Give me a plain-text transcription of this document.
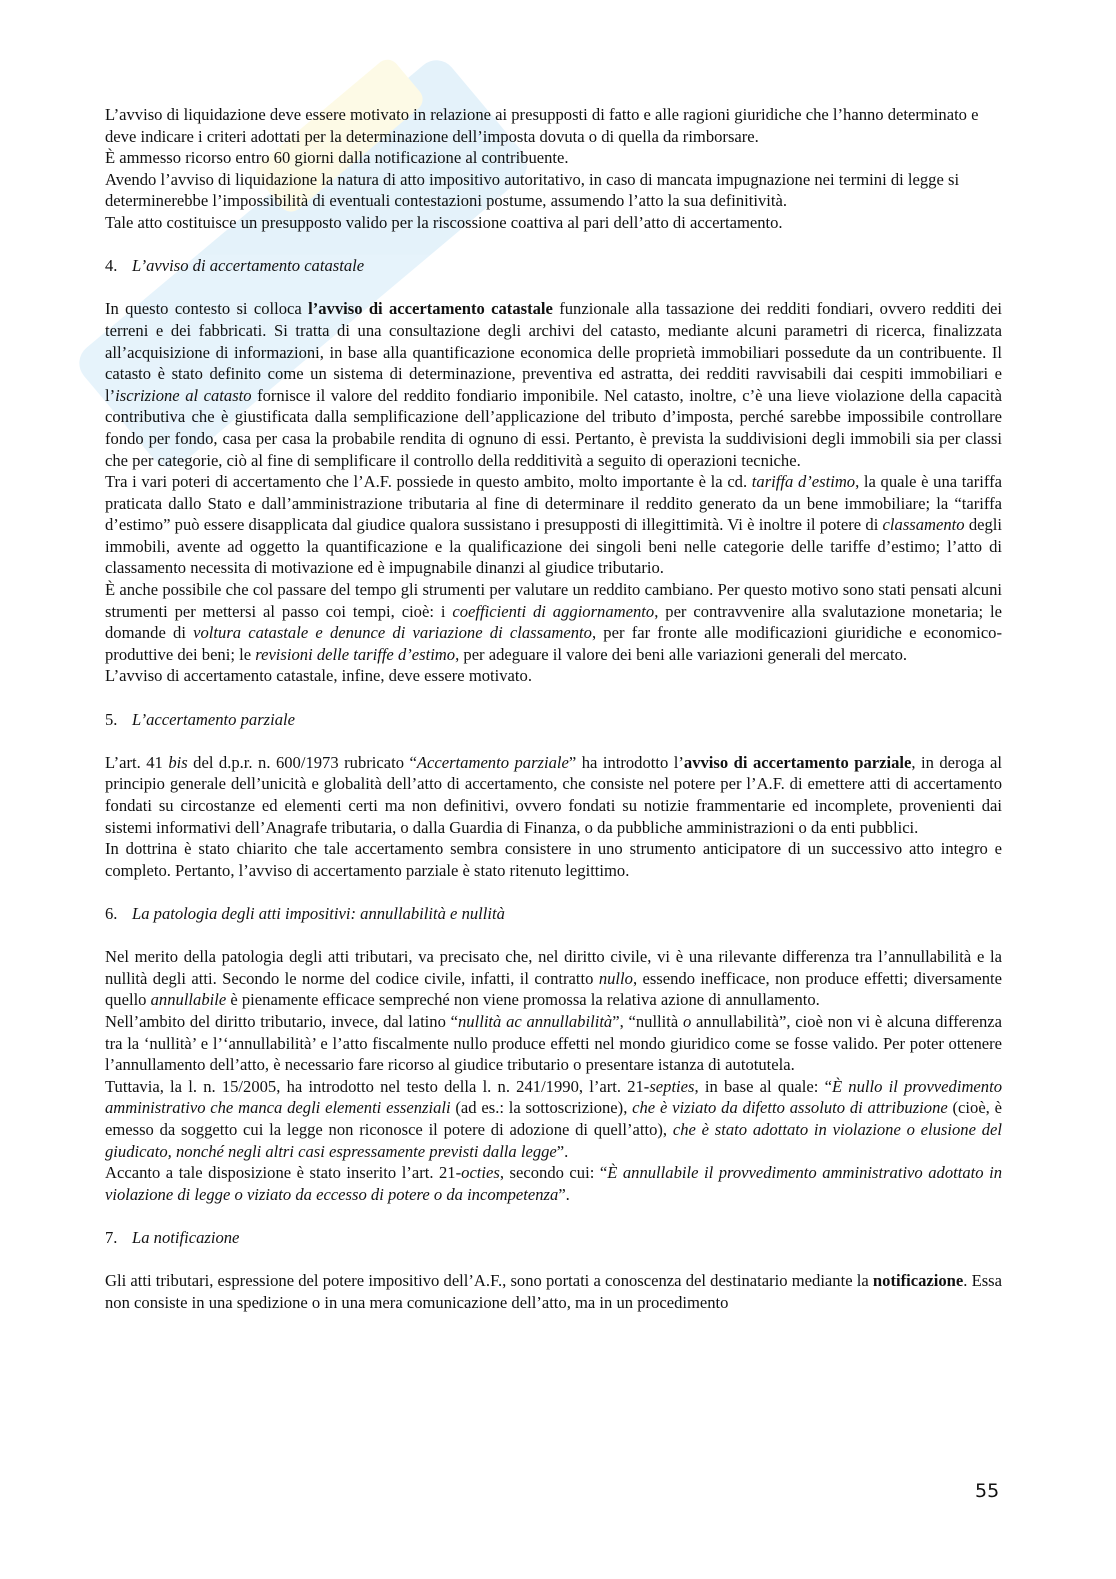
L’avviso di liquidazione deve essere motivato in relazione ai presupposti di fatto e alle ragioni giuridiche che l’hanno determinato e deve indicare i criteri adottati per la determinazione dell’imposta dovuta o di quella da rimborsare.

È ammesso ricorso entro 60 giorni dalla notificazione al contribuente.

Avendo l’avviso di liquidazione la natura di atto impositivo autoritativo, in caso di mancata impugnazione nei termini di legge si determinerebbe l’impossibilità di eventuali contestazioni postume, assumendo l’atto la sua definitività.

Tale atto costituisce un presupposto valido per la riscossione coattiva al pari dell’atto di accertamento.

4. L’avviso di accertamento catastale

In questo contesto si colloca l’avviso di accertamento catastale funzionale alla tassazione dei redditi fondiari, ovvero redditi dei terreni e dei fabbricati. Si tratta di una consultazione degli archivi del catasto, mediante alcuni parametri di ricerca, finalizzata all’acquisizione di informazioni, in base alla quantificazione economica delle proprietà immobiliari possedute da un contribuente. Il catasto è stato definito come un sistema di determinazione, preventiva ed astratta, dei redditi ravvisabili dai cespiti immobiliari e l’iscrizione al catasto fornisce il valore del reddito fondiario imponibile. Nel catasto, inoltre, c’è una lieve violazione della capacità contributiva che è giustificata dalla semplificazione dell’applicazione del tributo d’imposta, perché sarebbe impossibile controllare fondo per fondo, casa per casa la probabile rendita di ognuno di essi. Pertanto, è prevista la suddivisioni degli immobili sia per classi che per categorie, ciò al fine di semplificare il controllo della redditività a seguito di operazioni tecniche.

Tra i vari poteri di accertamento che l’A.F. possiede in questo ambito, molto importante è la cd. tariffa d’estimo, la quale è una tariffa praticata dallo Stato e dall’amministrazione tributaria al fine di determinare il reddito generato da un bene immobiliare; la “tariffa d’estimo” può essere disapplicata dal giudice qualora sussistano i presupposti di illegittimità. Vi è inoltre il potere di classamento degli immobili, avente ad oggetto la quantificazione e la qualificazione dei singoli beni nelle categorie delle tariffe d’estimo; l’atto di classamento necessita di motivazione ed è impugnabile dinanzi al giudice tributario.

È anche possibile che col passare del tempo gli strumenti per valutare un reddito cambiano. Per questo motivo sono stati pensati alcuni strumenti per mettersi al passo coi tempi, cioè: i coefficienti di aggiornamento, per contravvenire alla svalutazione monetaria; le domande di voltura catastale e denunce di variazione di classamento, per far fronte alle modificazioni giuridiche e economico-produttive dei beni; le revisioni delle tariffe d’estimo, per adeguare il valore dei beni alle variazioni generali del mercato.

L’avviso di accertamento catastale, infine, deve essere motivato.

5. L’accertamento parziale

L’art. 41 bis del d.p.r. n. 600/1973 rubricato “Accertamento parziale” ha introdotto l’avviso di accertamento parziale, in deroga al principio generale dell’unicità e globalità dell’atto di accertamento, che consiste nel potere per l’A.F. di emettere atti di accertamento fondati su circostanze ed elementi certi ma non definitivi, ovvero fondati su notizie frammentarie ed incomplete, provenienti dai sistemi informativi dell’Anagrafe tributaria, o dalla Guardia di Finanza, o da pubbliche amministrazioni o da enti pubblici.

In dottrina è stato chiarito che tale accertamento sembra consistere in uno strumento anticipatore di un successivo atto integro e completo. Pertanto, l’avviso di accertamento parziale è stato ritenuto legittimo.

6. La patologia degli atti impositivi: annullabilità e nullità

Nel merito della patologia degli atti tributari, va precisato che, nel diritto civile, vi è una rilevante differenza tra l’annullabilità e la nullità degli atti. Secondo le norme del codice civile, infatti, il contratto nullo, essendo inefficace, non produce effetti; diversamente quello annullabile è pienamente efficace sempreché non viene promossa la relativa azione di annullamento.

Nell’ambito del diritto tributario, invece, dal latino “nullità ac annullabilità”, “nullità o annullabilità”, cioè non vi è alcuna differenza tra la ‘nullità’ e l’‘annullabilità’ e l’atto fiscalmente nullo produce effetti nel mondo giuridico come se fosse valido. Per poter ottenere l’annullamento dell’atto, è necessario fare ricorso al giudice tributario o presentare istanza di autotutela.

Tuttavia, la l. n. 15/2005, ha introdotto nel testo della l. n. 241/1990, l’art. 21-septies, in base al quale: “È nullo il provvedimento amministrativo che manca degli elementi essenziali (ad es.: la sottoscrizione), che è viziato da difetto assoluto di attribuzione (cioè, è emesso da soggetto cui la legge non riconosce il potere di adozione di quell’atto), che è stato adottato in violazione o elusione del giudicato, nonché negli altri casi espressamente previsti dalla legge”.

Accanto a tale disposizione è stato inserito l’art. 21-octies, secondo cui: “È annullabile il provvedimento amministrativo adottato in violazione di legge o viziato da eccesso di potere o da incompetenza”.

7. La notificazione

Gli atti tributari, espressione del potere impositivo dell’A.F., sono portati a conoscenza del destinatario mediante la notificazione. Essa non consiste in una spedizione o in una mera comunicazione dell’atto, ma in un procedimento

55
